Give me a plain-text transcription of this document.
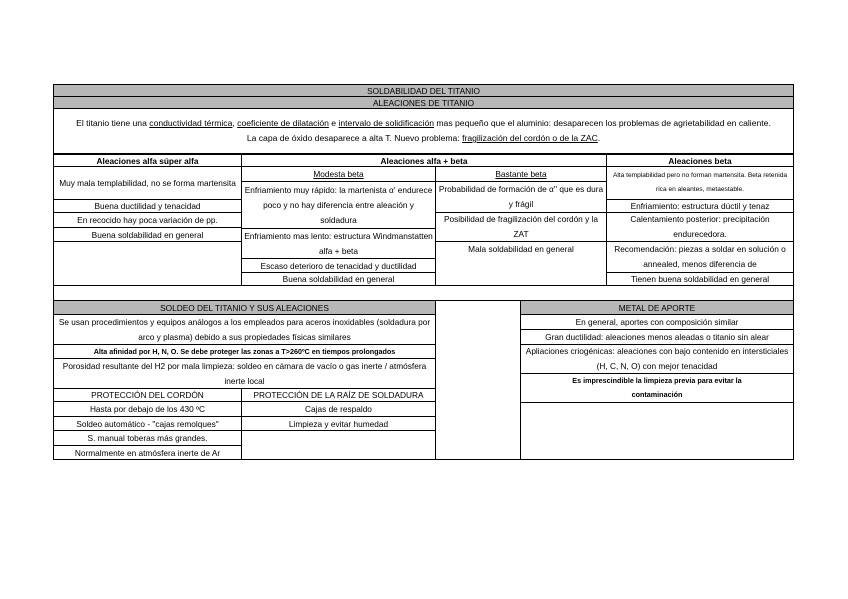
SOLDABILIDAD DEL TITANIO
ALEACIONES DE TITANIO
El titanio tiene una conductividad térmica, coeficiente de dilatación e intervalo de solidificación mas pequeño que el aluminio: desaparecen los problemas de agrietabilidad en caliente. La capa de óxido desaparece a alta T. Nuevo problema: fragilización del cordón o de la ZAC.
Aleaciones alfa súper alfa	Aleaciones alfa + beta	Aleaciones beta
Muy mala templabilidad, no se forma martensita
Buena ductilidad y tenacidad
En recocido hay poca variación de pp.
Buena soldabilidad en general
Modesta beta
Enfriamiento muy rápido: la martenista α' endurece poco y no hay diferencia entre aleación y soldadura
Enfriamiento mas lento: estructura Windmanstatten alfa + beta
Escaso deterioro de tenacidad y ductilidad
Buena soldabilidad en general
Bastante beta
Probabilidad de formación de α'' que es dura y frágil
Posibilidad de fragilización del cordón y la ZAT
Mala soldabilidad en general
Alta templabilidad pero no forman martensita. Beta retenida rica en aleantes, metaestable.
Enfriamiento: estructura dúctil y tenaz
Calentamiento posterior: precipitación endurecedora.
Recomendación: piezas a soldar en solución o annealed, menos diferencia de
Tienen buena soldabilidad en general
SOLDEO DEL TITANIO Y SUS ALEACIONES
Se usan procedimientos y equipos análogos a los empleados para aceros inoxidables (soldadura por arco y plasma) debido a sus propiedades físicas similares
Alta afinidad por H, N, O. Se debe proteger las zonas a T>260ºC en tiempos prolongados
Porosidad resultante del H2 por mala limpieza: soldeo en cámara de vacío o gas inerte / atmósfera inerte local
PROTECCIÓN DEL CORDÓN
Hasta por debajo de los 430 ºC
Soldeo automático - "cajas remolques"
S. manual toberas más grandes.
Normalmente en atmósfera inerte de Ar
PROTECCIÓN DE LA RAÍZ DE SOLDADURA
Cajas de respaldo
Limpieza y evitar humedad
METAL DE APORTE
En general, aportes con composición similar
Gran ductilidad: aleaciones menos aleadas o titanio sin alear
Apliaciones criogénicas: aleaciones con bajo contenido en intersticiales (H, C, N, O) con mejor tenacidad
Es imprescindible la limpieza previa para evitar la contaminación
